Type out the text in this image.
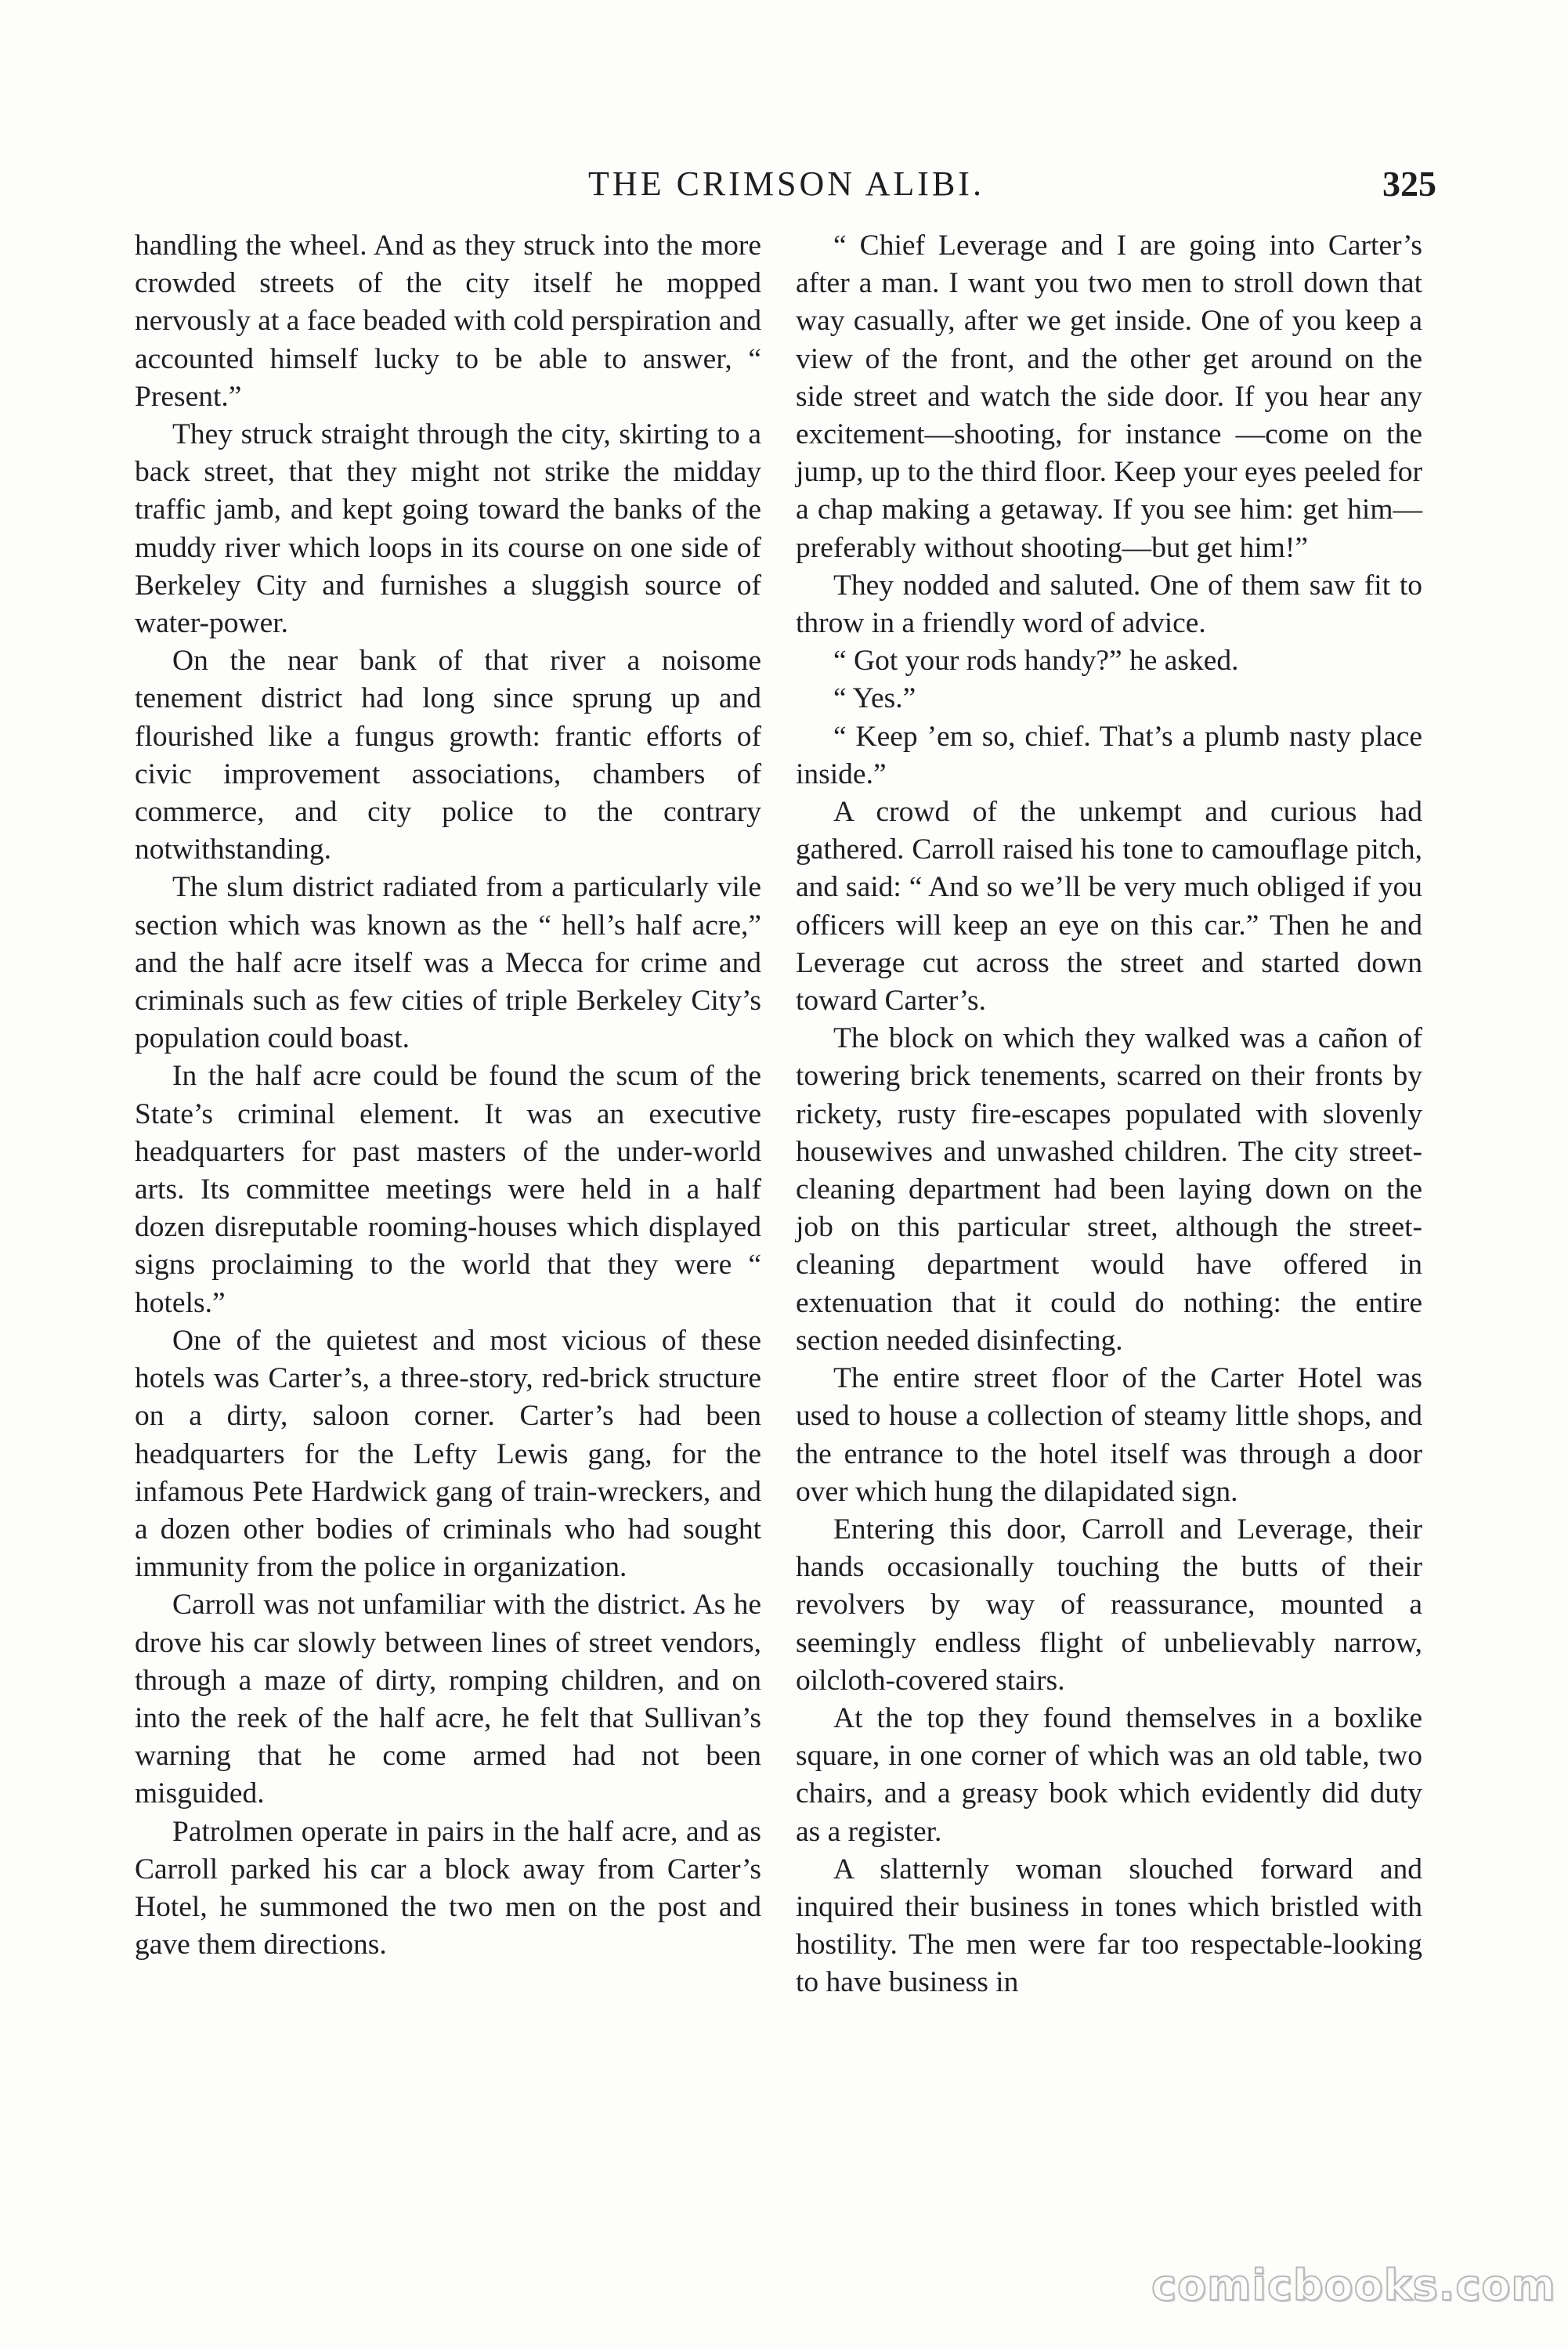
THE CRIMSON ALIBI.	325

handling the wheel. And as they struck into the more crowded streets of the city itself he mopped nervously at a face beaded with cold perspiration and accounted himself lucky to be able to answer, “ Present.”

They struck straight through the city, skirting to a back street, that they might not strike the midday traffic jamb, and kept going toward the banks of the muddy river which loops in its course on one side of Berkeley City and furnishes a sluggish source of water-power.

On the near bank of that river a noisome tenement district had long since sprung up and flourished like a fungus growth: frantic efforts of civic improvement associations, chambers of commerce, and city police to the contrary notwithstanding.

The slum district radiated from a particularly vile section which was known as the “ hell’s half acre,” and the half acre itself was a Mecca for crime and criminals such as few cities of triple Berkeley City’s population could boast.

In the half acre could be found the scum of the State’s criminal element. It was an executive headquarters for past masters of the under-world arts. Its committee meetings were held in a half dozen disreputable rooming-houses which displayed signs proclaiming to the world that they were “ hotels.”

One of the quietest and most vicious of these hotels was Carter’s, a three-story, red-brick structure on a dirty, saloon corner. Carter’s had been headquarters for the Lefty Lewis gang, for the infamous Pete Hardwick gang of train-wreckers, and a dozen other bodies of criminals who had sought immunity from the police in organization.

Carroll was not unfamiliar with the district. As he drove his car slowly between lines of street vendors, through a maze of dirty, romping children, and on into the reek of the half acre, he felt that Sullivan’s warning that he come armed had not been misguided.

Patrolmen operate in pairs in the half acre, and as Carroll parked his car a block away from Carter’s Hotel, he summoned the two men on the post and gave them directions.

“ Chief Leverage and I are going into Carter’s after a man. I want you two men to stroll down that way casually, after we get inside. One of you keep a view of the front, and the other get around on the side street and watch the side door. If you hear any excitement—shooting, for instance —come on the jump, up to the third floor. Keep your eyes peeled for a chap making a getaway. If you see him: get him—preferably without shooting—but get him!”

They nodded and saluted. One of them saw fit to throw in a friendly word of advice.

“ Got your rods handy?” he asked.

“ Yes.”

“ Keep ’em so, chief. That’s a plumb nasty place inside.”

A crowd of the unkempt and curious had gathered. Carroll raised his tone to camouflage pitch, and said: “ And so we’ll be very much obliged if you officers will keep an eye on this car.” Then he and Leverage cut across the street and started down toward Carter’s.

The block on which they walked was a cañon of towering brick tenements, scarred on their fronts by rickety, rusty fire-escapes populated with slovenly housewives and unwashed children. The city street-cleaning department had been laying down on the job on this particular street, although the street-cleaning department would have offered in extenuation that it could do nothing: the entire section needed disinfecting.

The entire street floor of the Carter Hotel was used to house a collection of steamy little shops, and the entrance to the hotel itself was through a door over which hung the dilapidated sign.

Entering this door, Carroll and Leverage, their hands occasionally touching the butts of their revolvers by way of reassurance, mounted a seemingly endless flight of unbelievably narrow, oilcloth-covered stairs.

At the top they found themselves in a boxlike square, in one corner of which was an old table, two chairs, and a greasy book which evidently did duty as a register.

A slatternly woman slouched forward and inquired their business in tones which bristled with hostility. The men were far too respectable-looking to have business in

comicbooks.com
